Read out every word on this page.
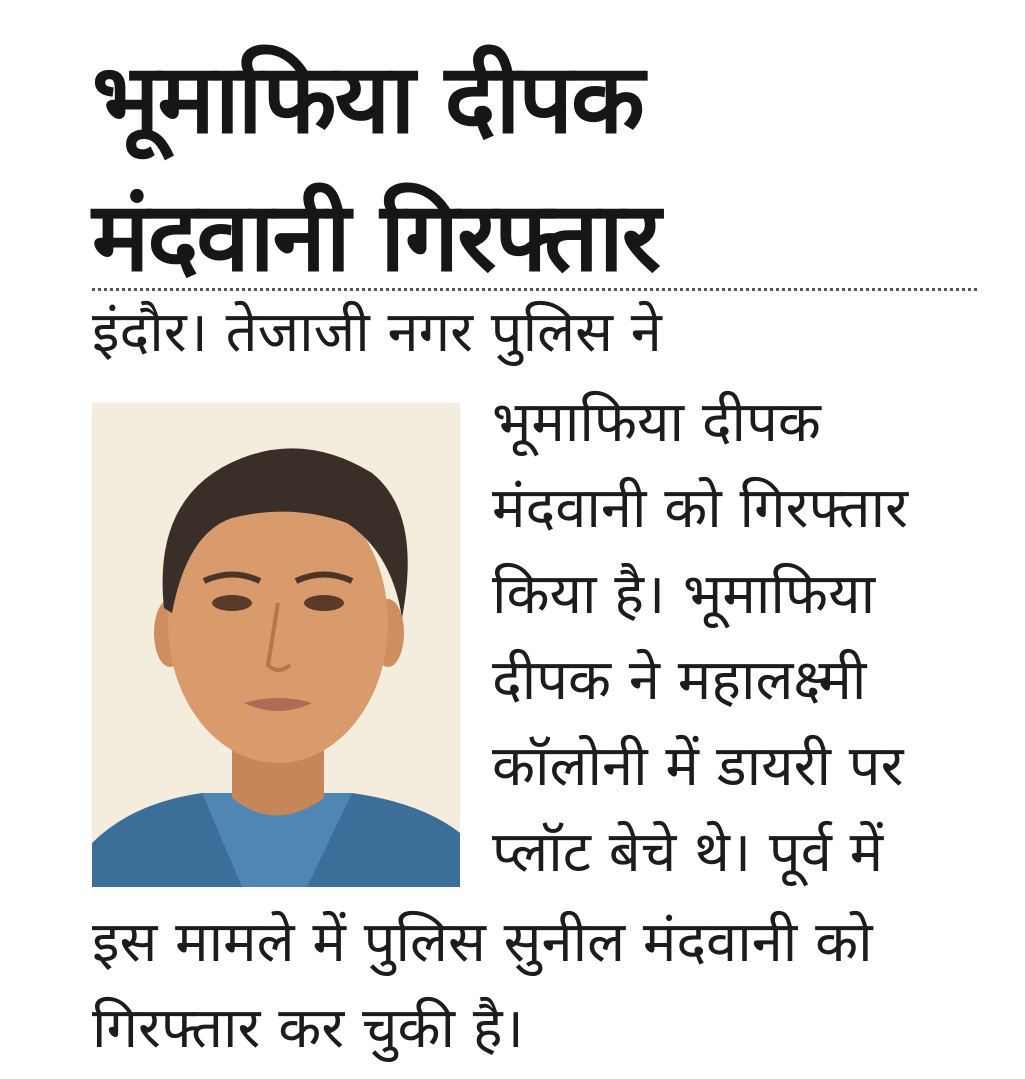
भूमाफिया दीपक
मंदवानी गिरफ्तार

इंदौर। तेजाजी नगर पुलिस ने

भूमाफिया दीपक

मंदवानी को गिरफ्तार

किया है। भूमाफिया

दीपक ने महालक्ष्मी

कॉलोनी में डायरी पर

प्लॉट बेचे थे। पूर्व में

इस मामले में पुलिस सुनील मंदवानी को

गिरफ्तार कर चुकी है।
